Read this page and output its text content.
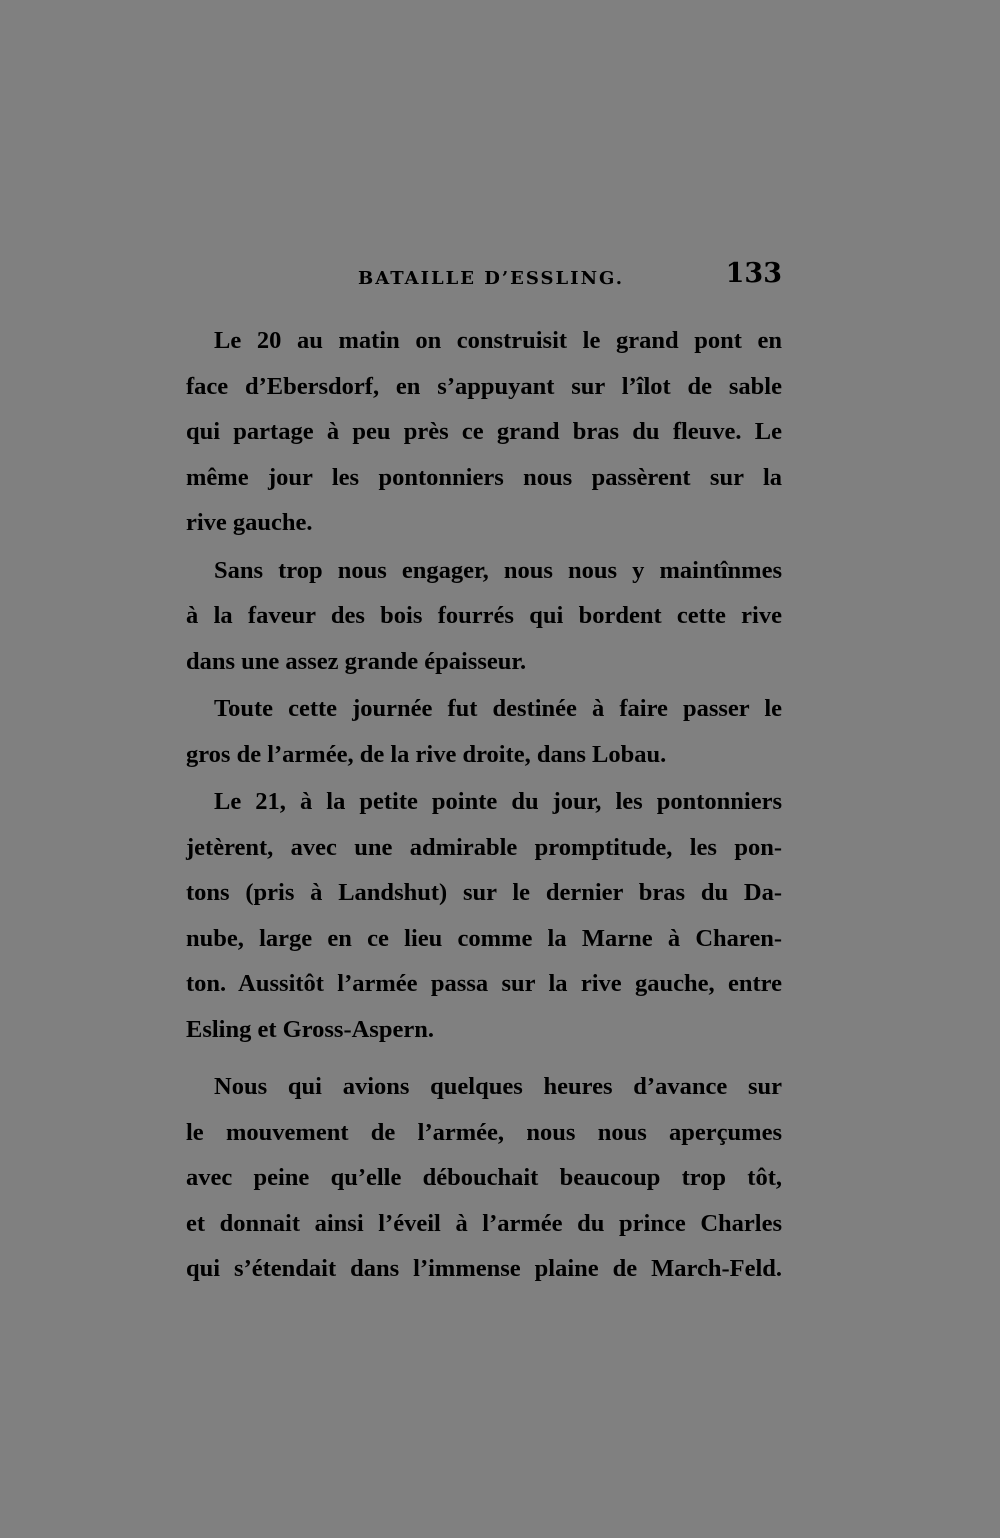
BATAILLE D’ESSLING.	133
Le 20 au matin on construisit le grand pont en
face d’Ebersdorf, en s’appuyant sur l’îlot de sable
qui partage à peu près ce grand bras du fleuve. Le
même jour les pontonniers nous passèrent sur la
rive gauche.
Sans trop nous engager, nous nous y maintînmes
à la faveur des bois fourrés qui bordent cette rive
dans une assez grande épaisseur.
Toute cette journée fut destinée à faire passer le
gros de l’armée, de la rive droite, dans Lobau.
Le 21, à la petite pointe du jour, les pontonniers
jetèrent, avec une admirable promptitude, les pon-
tons (pris à Landshut) sur le dernier bras du Da-
nube, large en ce lieu comme la Marne à Charen-
ton. Aussitôt l’armée passa sur la rive gauche, entre
Esling et Gross-Aspern.
Nous qui avions quelques heures d’avance sur
le mouvement de l’armée, nous nous aperçumes
avec peine qu’elle débouchait beaucoup trop tôt,
et donnait ainsi l’éveil à l’armée du prince Charles
qui s’étendait dans l’immense plaine de March-Feld.
